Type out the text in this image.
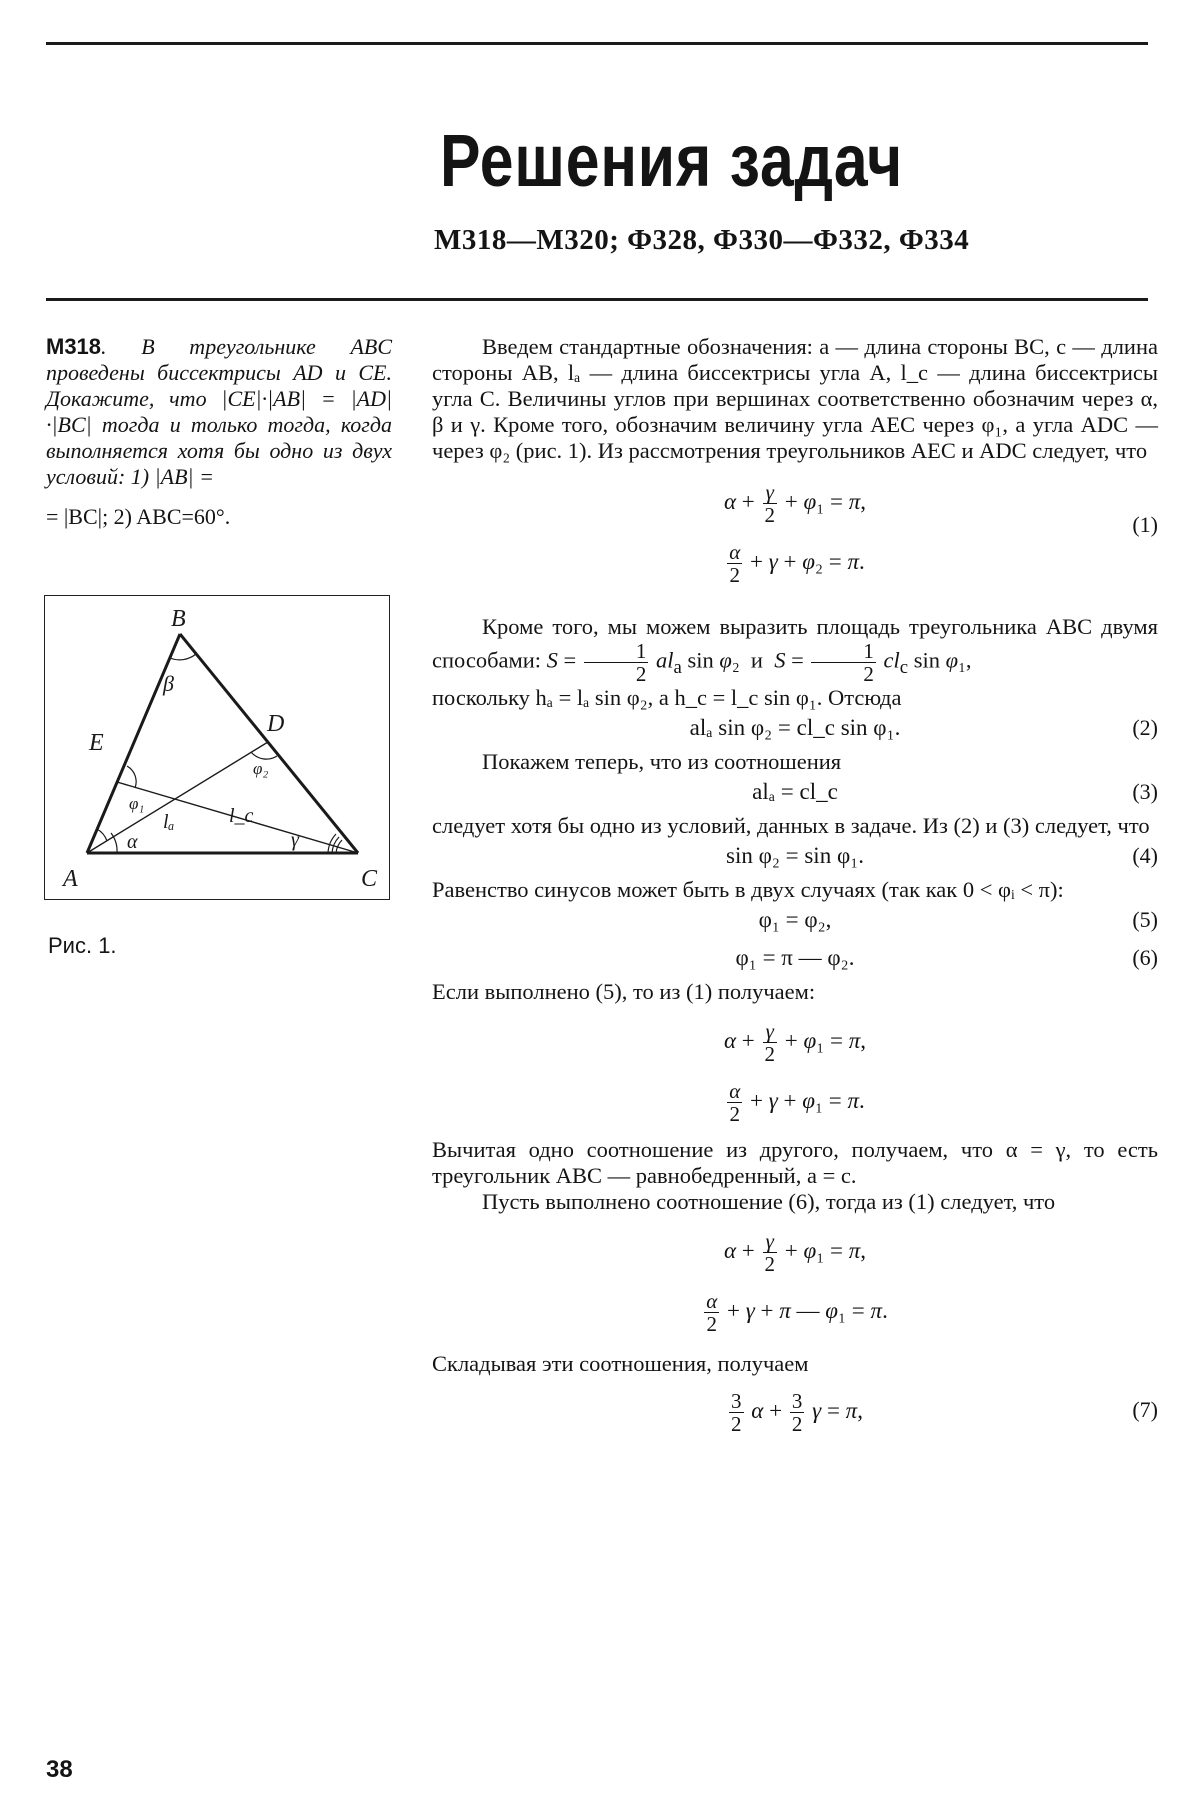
Решения задач
М318—М320; Ф328, Ф330—Ф332, Ф334
М318. В треугольнике ABC проведены биссектрисы AD и CE. Докажите, что |CE|·|AB| = |AD|·|BC| тогда и только тогда, когда выполняется хотя бы одно из двух условий: 1) |AB| =
= |BC|; 2) ABC=60°.
B
E
D
A	C
β
α	γ
φ₁
φ₂
lₐ	l_c
Рис. 1.

Введем стандартные обозначения: a — длина стороны BC, c — длина стороны AB, lₐ — длина биссектрисы угла A, l_c — длина биссектрисы угла C. Величины углов при вершинах соответственно обозначим через α, β и γ. Кроме того, обозначим величину угла AEC через φ₁, а угла ADC — через φ₂ (рис. 1). Из рассмотрения треугольников AEC и ADC следует, что

$\alpha + \frac{\gamma}{2} + \varphi_1 = \pi$,
$\frac{\alpha}{2} + \gamma + \varphi_2 = \pi$.
(1)

Кроме того, мы можем выразить площадь треугольника ABC двумя способами: $S = \frac{1}{2} al_a$ sin φ₂  и  $S = \frac{1}{2} cl_c$ sin φ₁,

поскольку hₐ = lₐ sin φ₂, а h_c = l_c sin φ₁. Отсюда

alₐ sin φ₂ = cl_c sin φ₁.	(2)

Покажем теперь, что из соотношения

alₐ = cl_c	(3)

следует хотя бы одно из условий, данных в задаче. Из (2) и (3) следует, что

sin φ₂ = sin φ₁.	(4)

Равенство синусов может быть в двух случаях (так как 0 < φᵢ < π):

φ₁ = φ₂,	(5)
φ₁ = π — φ₂.	(6)

Если выполнено (5), то из (1) получаем:

$\alpha + \frac{\gamma}{2} + \varphi_1 = \pi$,
$\frac{\alpha}{2} + \gamma + \varphi_1 = \pi$.

Вычитая одно соотношение из другого, получаем, что α = γ, то есть треугольник ABC — равнобедренный, a = c.

Пусть выполнено соотношение (6), тогда из (1) следует, что

$\alpha + \frac{\gamma}{2} + \varphi_1 = \pi$,
$\frac{\alpha}{2} + \gamma + \pi$ — φ₁ = π.

Складывая эти соотношения, получаем

$\frac{3}{2}$ $\alpha + \frac{3}{2}$ γ = π,	(7)
38
